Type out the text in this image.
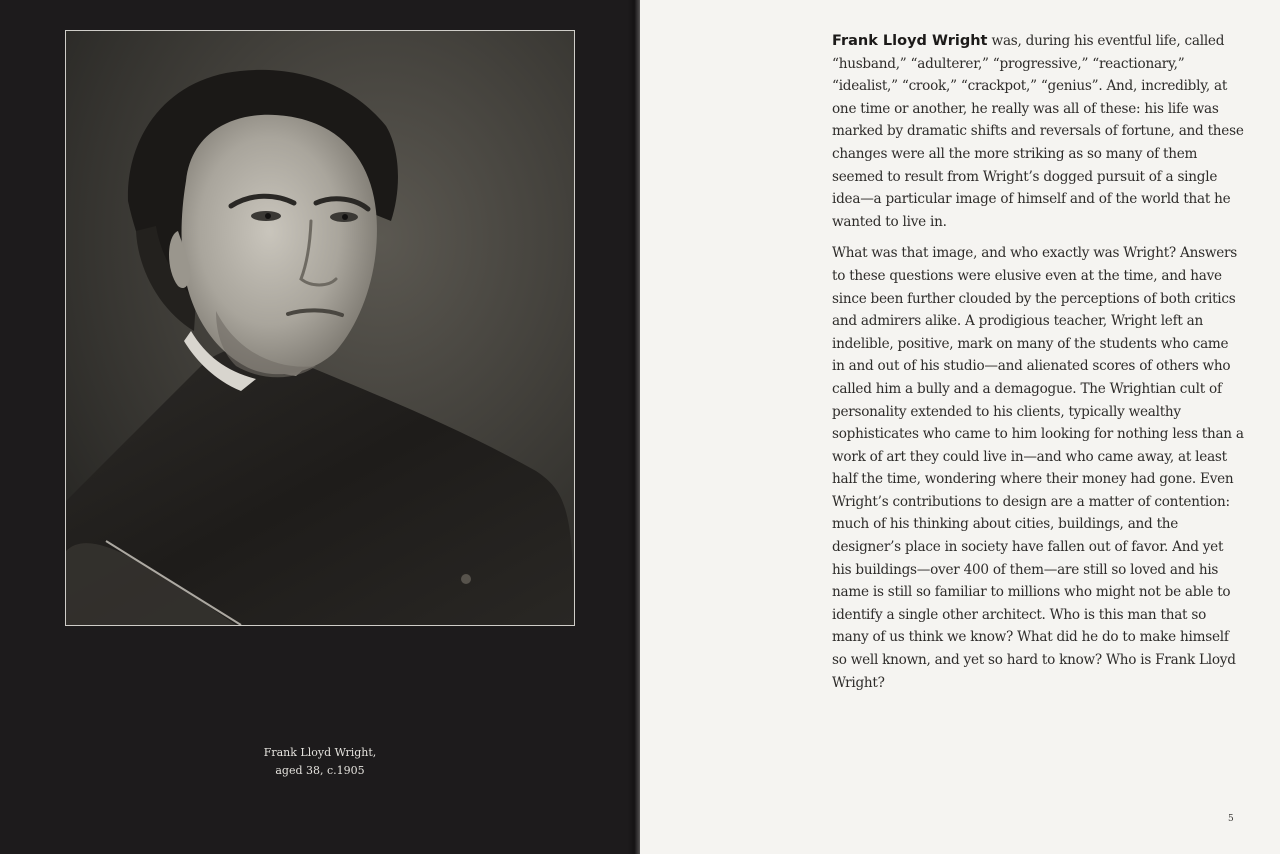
Frank Lloyd Wright,
aged 38, c.1905

Frank Lloyd Wright was, during his eventful life, called “husband,” “adulterer,” “progressive,” “reactionary,” “idealist,” “crook,” “crackpot,” “genius”. And, incredibly, at one time or another, he really was all of these: his life was marked by dramatic shifts and reversals of fortune, and these changes were all the more striking as so many of them seemed to result from Wright’s dogged pursuit of a single idea—a particular image of himself and of the world that he wanted to live in.

What was that image, and who exactly was Wright? Answers to these questions were elusive even at the time, and have since been further clouded by the perceptions of both critics and admirers alike. A prodigious teacher, Wright left an indelible, positive, mark on many of the students who came in and out of his studio—and alienated scores of others who called him a bully and a demagogue. The Wrightian cult of personality extended to his clients, typically wealthy sophisticates who came to him looking for nothing less than a work of art they could live in—and who came away, at least half the time, wondering where their money had gone. Even Wright’s contributions to design are a matter of contention: much of his thinking about cities, buildings, and the designer’s place in society have fallen out of favor. And yet his buildings—over 400 of them—are still so loved and his name is still so familiar to millions who might not be able to identify a single other architect. Who is this man that so many of us think we know? What did he do to make himself so well known, and yet so hard to know? Who is Frank Lloyd Wright?

5
